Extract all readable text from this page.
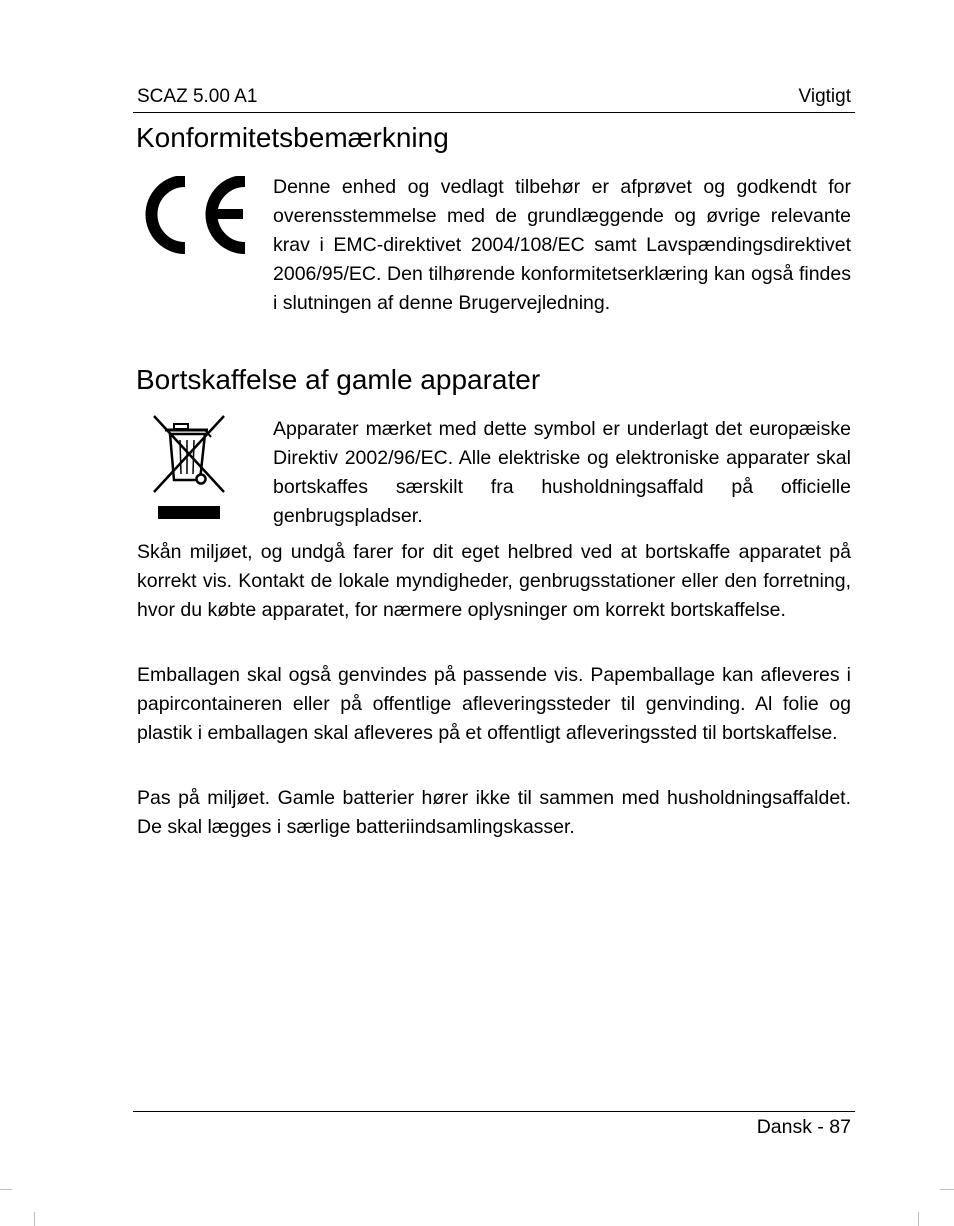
SCAZ 5.00 A1	Vigtigt
Konformitetsbemærkning

Denne enhed og vedlagt tilbehør er afprøvet og godkendt for overensstemmelse med de grundlæggende og øvrige relevante krav i EMC-direktivet 2004/108/EC samt Lavspændingsdirektivet 2006/95/EC. Den tilhørende konformitetserklæring kan også findes i slutningen af denne Brugervejledning.

Bortskaffelse af gamle apparater

Apparater mærket med dette symbol er underlagt det europæiske Direktiv 2002/96/EC. Alle elektriske og elektroniske apparater skal bortskaffes særskilt fra husholdningsaffald på officielle genbrugspladser.

Skån miljøet, og undgå farer for dit eget helbred ved at bortskaffe apparatet på korrekt vis. Kontakt de lokale myndigheder, genbrugsstationer eller den forretning, hvor du købte apparatet, for nærmere oplysninger om korrekt bortskaffelse.

Emballagen skal også genvindes på passende vis. Papemballage kan afleveres i papircontaineren eller på offentlige afleveringssteder til genvinding. Al folie og plastik i emballagen skal afleveres på et offentligt afleveringssted til bortskaffelse.

Pas på miljøet. Gamle batterier hører ikke til sammen med husholdningsaffaldet. De skal lægges i særlige batteriindsamlingskasser.

Dansk - 87
